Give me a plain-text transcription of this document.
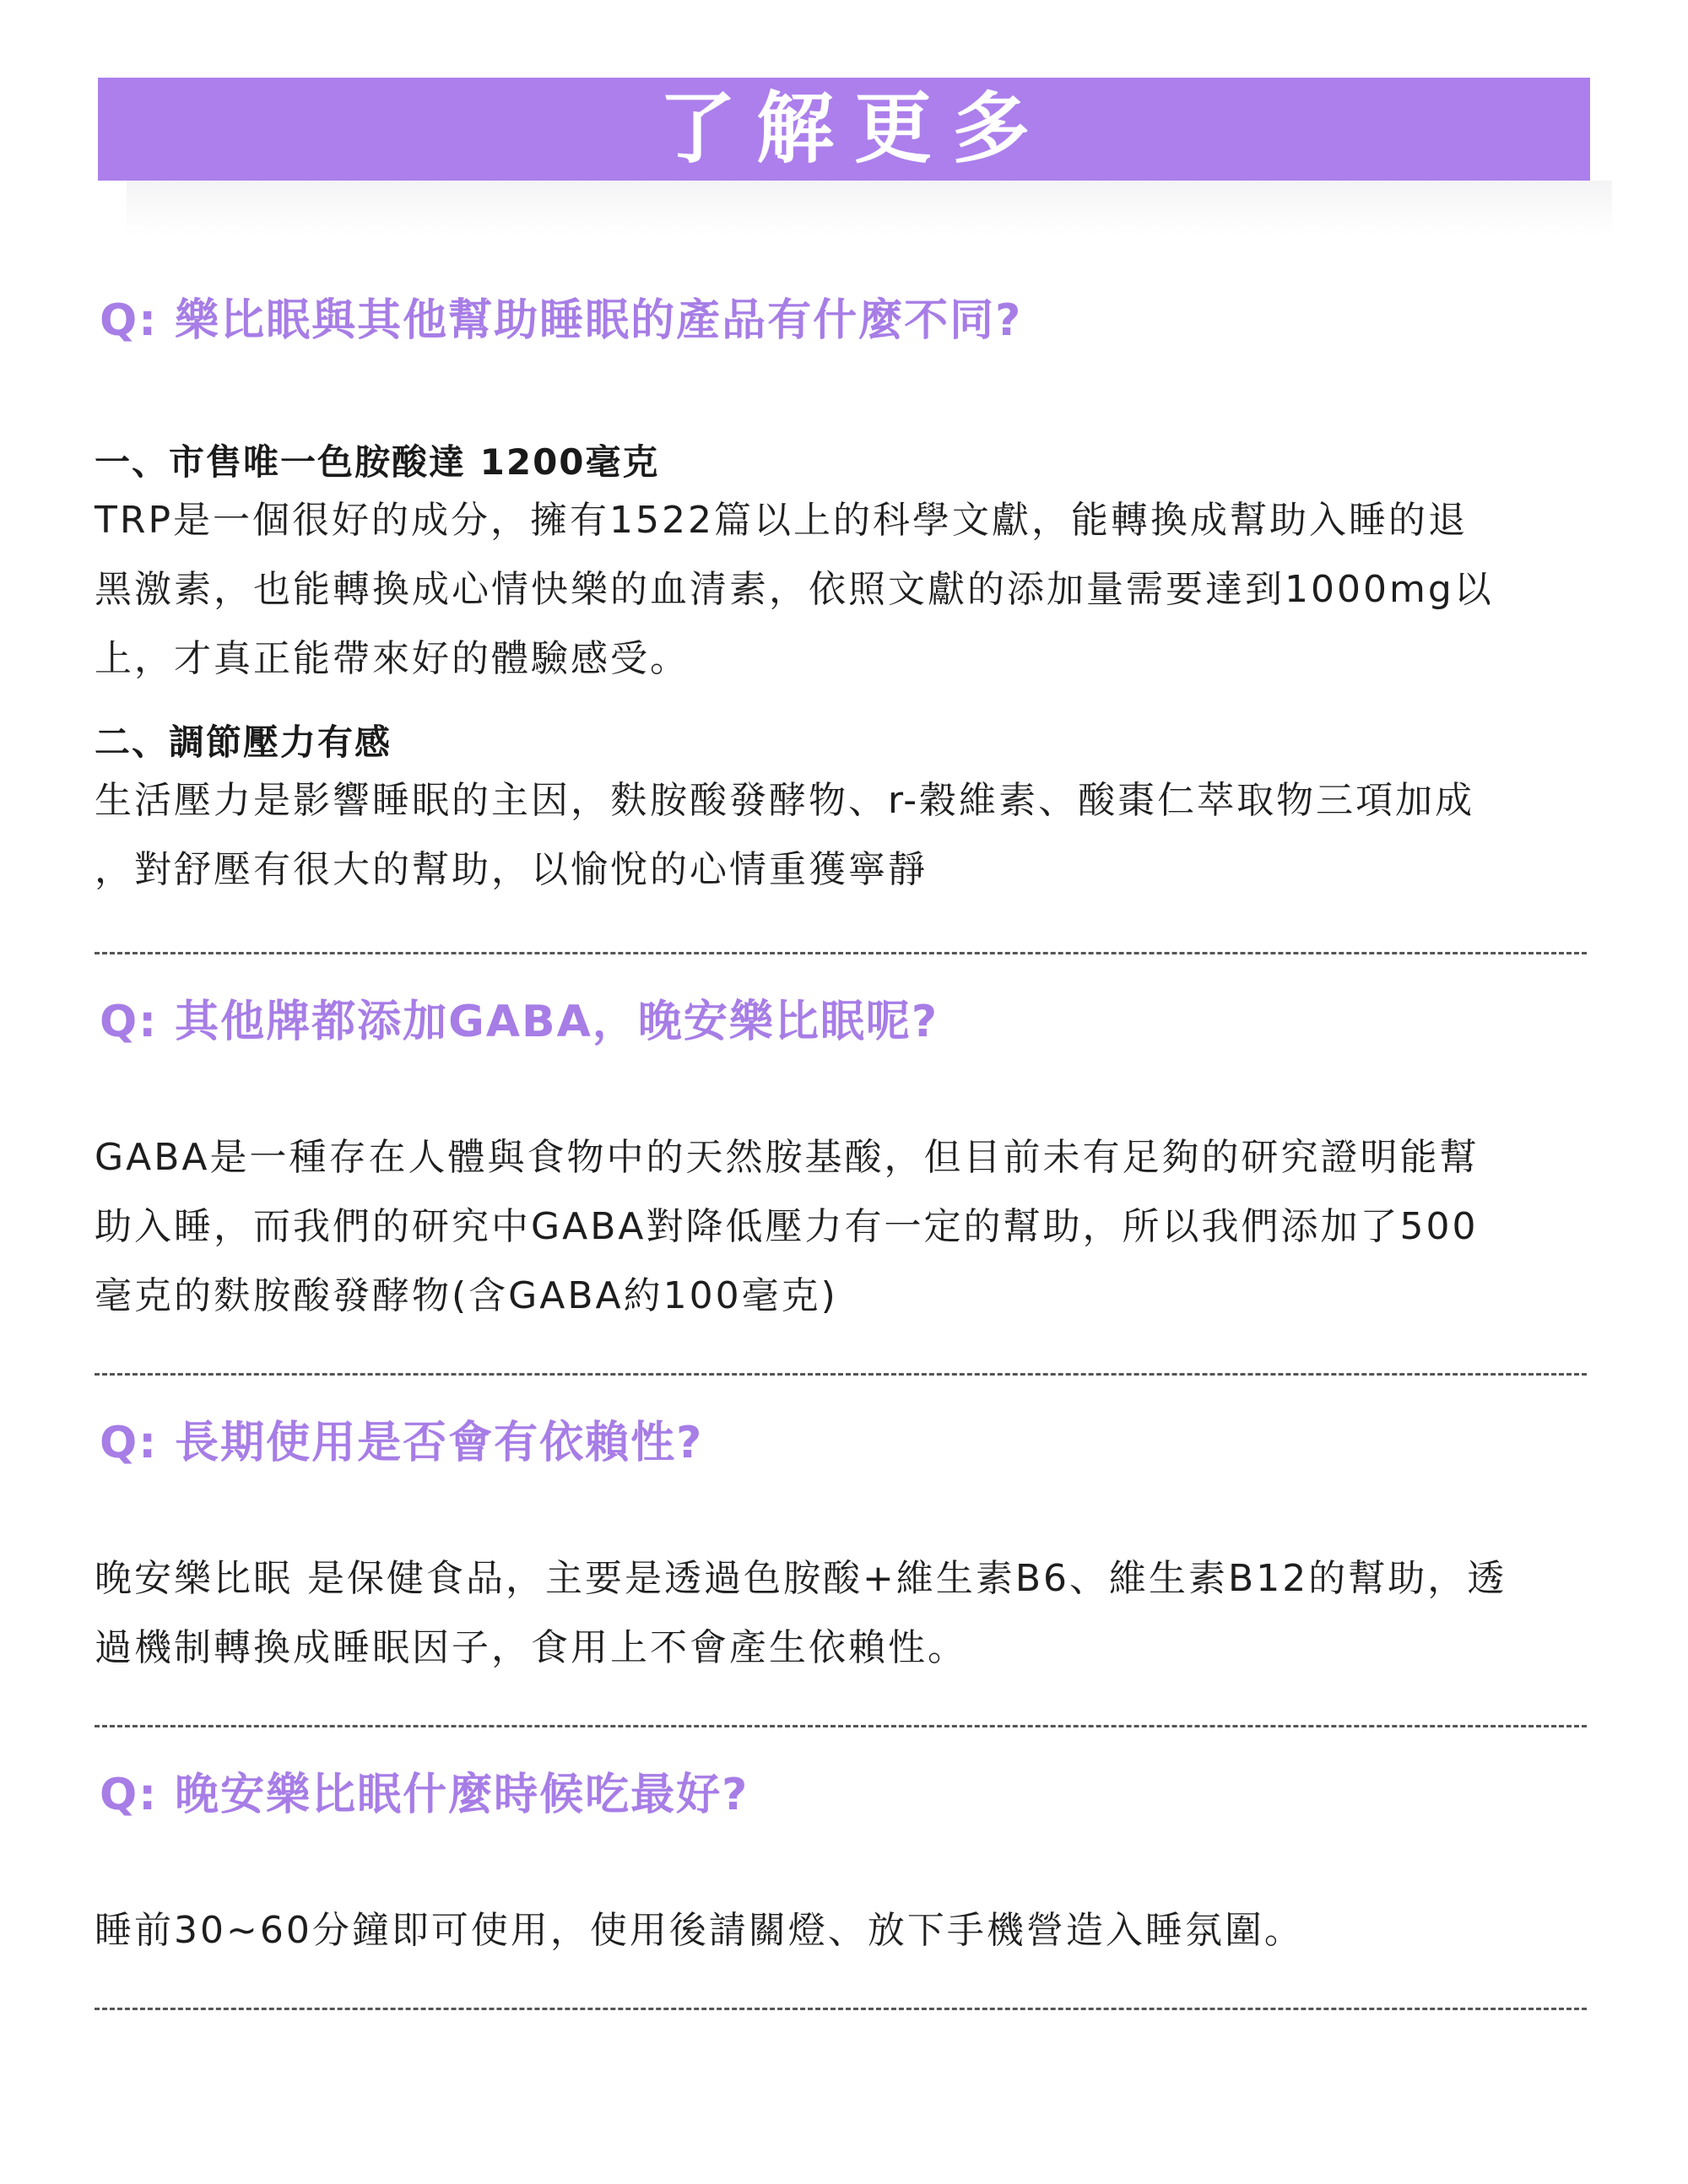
了解更多
Q: 樂比眠與其他幫助睡眠的產品有什麼不同?
一、市售唯一色胺酸達 1200毫克

TRP是一個很好的成分，擁有1522篇以上的科學文獻，能轉換成幫助入睡的退
黑激素，也能轉換成心情快樂的血清素，依照文獻的添加量需要達到1000mg以
上，才真正能帶來好的體驗感受。

二、調節壓力有感

生活壓力是影響睡眠的主因，麩胺酸發酵物、r-穀維素、酸棗仁萃取物三項加成
，對舒壓有很大的幫助，以愉悅的心情重獲寧靜

Q: 其他牌都添加GABA，晚安樂比眠呢?

GABA是一種存在人體與食物中的天然胺基酸，但目前未有足夠的研究證明能幫
助入睡，而我們的研究中GABA對降低壓力有一定的幫助，所以我們添加了500
毫克的麩胺酸發酵物(含GABA約100毫克)

Q: 長期使用是否會有依賴性?

晚安樂比眠 是保健食品，主要是透過色胺酸+維生素B6、維生素B12的幫助，透
過機制轉換成睡眠因子，食用上不會產生依賴性。

Q: 晚安樂比眠什麼時候吃最好?

睡前30~60分鐘即可使用，使用後請關燈、放下手機營造入睡氛圍。
